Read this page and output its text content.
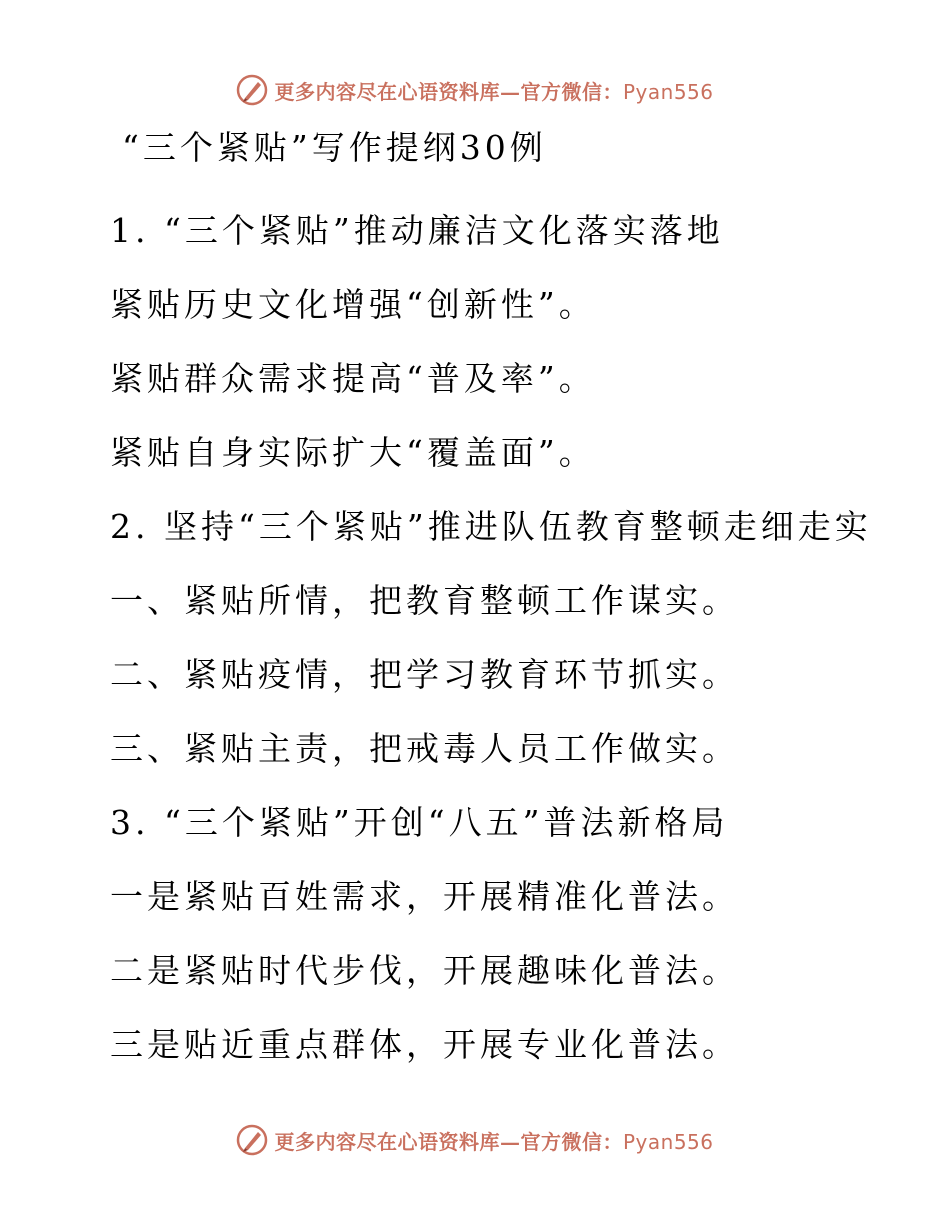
更多内容尽在心语资料库—官方微信：Pyan556
“三个紧贴”写作提纲30例
1. “三个紧贴”推动廉洁文化落实落地
紧贴历史文化增强“创新性”。
紧贴群众需求提高“普及率”。
紧贴自身实际扩大“覆盖面”。
2. 坚持“三个紧贴”推进队伍教育整顿走细走实
一、紧贴所情，把教育整顿工作谋实。
二、紧贴疫情，把学习教育环节抓实。
三、紧贴主责，把戒毒人员工作做实。
3. “三个紧贴”开创“八五”普法新格局
一是紧贴百姓需求，开展精准化普法。
二是紧贴时代步伐，开展趣味化普法。
三是贴近重点群体，开展专业化普法。
更多内容尽在心语资料库—官方微信：Pyan556
